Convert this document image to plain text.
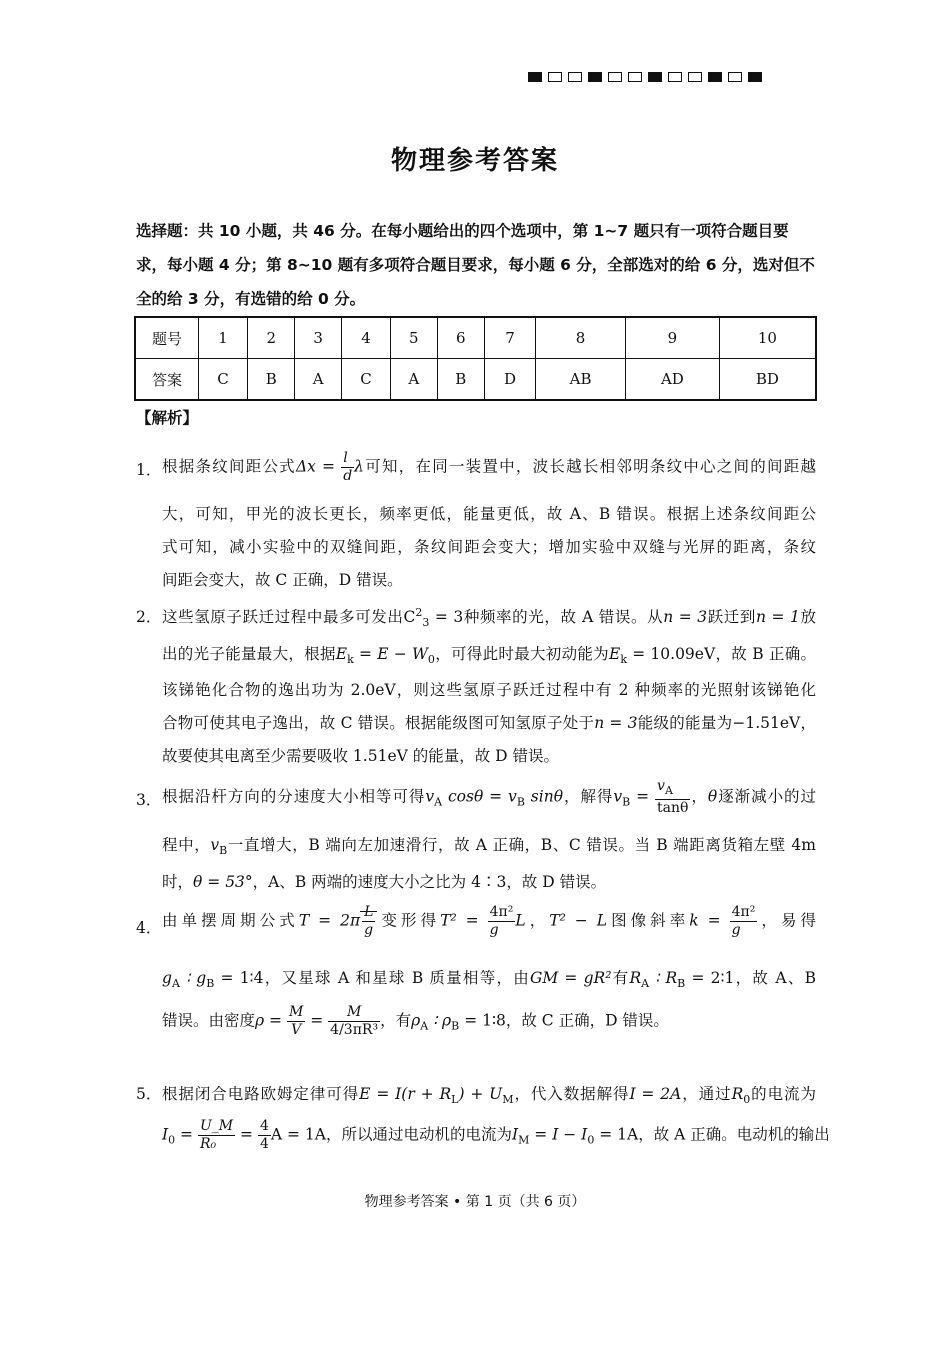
物理参考答案
选择题：共 10 小题，共 46 分。在每小题给出的四个选项中，第 1~7 题只有一项符合题目要求，每小题 4 分；第 8~10 题有多项符合题目要求，每小题 6 分，全部选对的给 6 分，选对但不全的给 3 分，有选错的给 0 分。
题号	1	2	3	4	5	6	7	8	9	10
答案	C	B	A	C	A	B	D	AB	AD	BD
【解析】
1． 根据条纹间距公式$\Delta x = \frac{l}{d}$ λ可知，在同一装置中，波长越长相邻明条纹中心之间的间距越
大，可知，甲光的波长更长，频率更低，能量更低，故 A、B 错误。根据上述条纹间距公
式可知，减小实验中的双缝间距，条纹间距会变大；增加实验中双缝与光屏的距离，条纹
间距会变大，故 C 正确，D 错误。
2． 这些氢原子跃迁过程中最多可发出$C^2_3 = 3$种频率的光，故 A 错误。从n = 3跃迁到n = 1放
出的光子能量最大，根据$E_k = E - W_0$，可得此时最大初动能为$E_k = 10.09eV$，故 B 正确。
该锑铯化合物的逸出功为 2.0eV，则这些氢原子跃迁过程中有 2 种频率的光照射该锑铯化
合物可使其电子逸出，故 C 错误。根据能级图可知氢原子处于n = 3能级的能量为−1.51eV，
故要使其电离至少需要吸收 1.51eV 的能量，故 D 错误。
3． 根据沿杆方向的分速度大小相等可得$v_A$ $\cos\theta = v_B$ sinθ，解得$v_B = \frac{v_A}{\tan\theta}$ ，θ逐渐减小的过
程中，$v_B$一直增大，B 端向左加速滑行，故 A 正确，B、C 错误。当 B 端距离货箱左壁 4m
时，θ = 53°，A、B 两端的速度大小之比为 4∶3，故 D 错误。
4． 由单摆周期公式$T = 2\pi \frac{L}{g}$ 变形得$T^2 = \frac{\text{4π²}}{g}$ L，T² − L图像斜率$k = \frac{\text{4π²}}{g}$ ，易得
$g_A$ ∶ $g_B$ = 1∶4，又星球 A 和星球 B 质量相等，由GM = gR²有$R_A$ ∶ $R_B$ = 2∶1，故 A、B
错误。由密度$\rho = \frac{M}{V} = \frac{M}{\text{4/3πR³}}$ ，有$\rho_A$ ∶ $\rho_B$ = 1∶8，故 C 正确，D 错误。
5． 根据闭合电路欧姆定律可得$E = I(r + R_L) + U_M$，代入数据解得I = 2A，通过$R_0$的电流为
$I_0 = \frac{U\_M}{\text{R₀}} = \frac{4}{4}$ A = 1A，所以通过电动机的电流为$I_M = I - I_0 = 1A$，故 A 正确。电动机的输出
物理参考答案 • 第 1 页（共 6 页）
